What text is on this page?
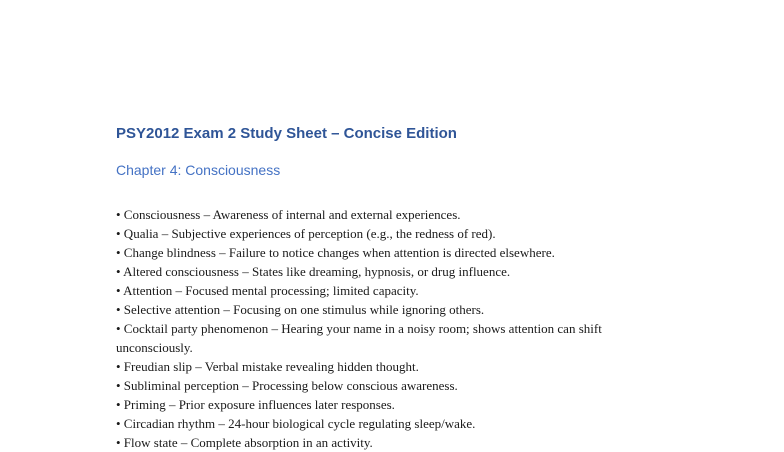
PSY2012 Exam 2 Study Sheet – Concise Edition
Chapter 4: Consciousness
• Consciousness – Awareness of internal and external experiences.
• Qualia – Subjective experiences of perception (e.g., the redness of red).
• Change blindness – Failure to notice changes when attention is directed elsewhere.
• Altered consciousness – States like dreaming, hypnosis, or drug influence.
• Attention – Focused mental processing; limited capacity.
• Selective attention – Focusing on one stimulus while ignoring others.
• Cocktail party phenomenon – Hearing your name in a noisy room; shows attention can shift unconsciously.
• Freudian slip – Verbal mistake revealing hidden thought.
• Subliminal perception – Processing below conscious awareness.
• Priming – Prior exposure influences later responses.
• Circadian rhythm – 24-hour biological cycle regulating sleep/wake.
• Flow state – Complete absorption in an activity.
